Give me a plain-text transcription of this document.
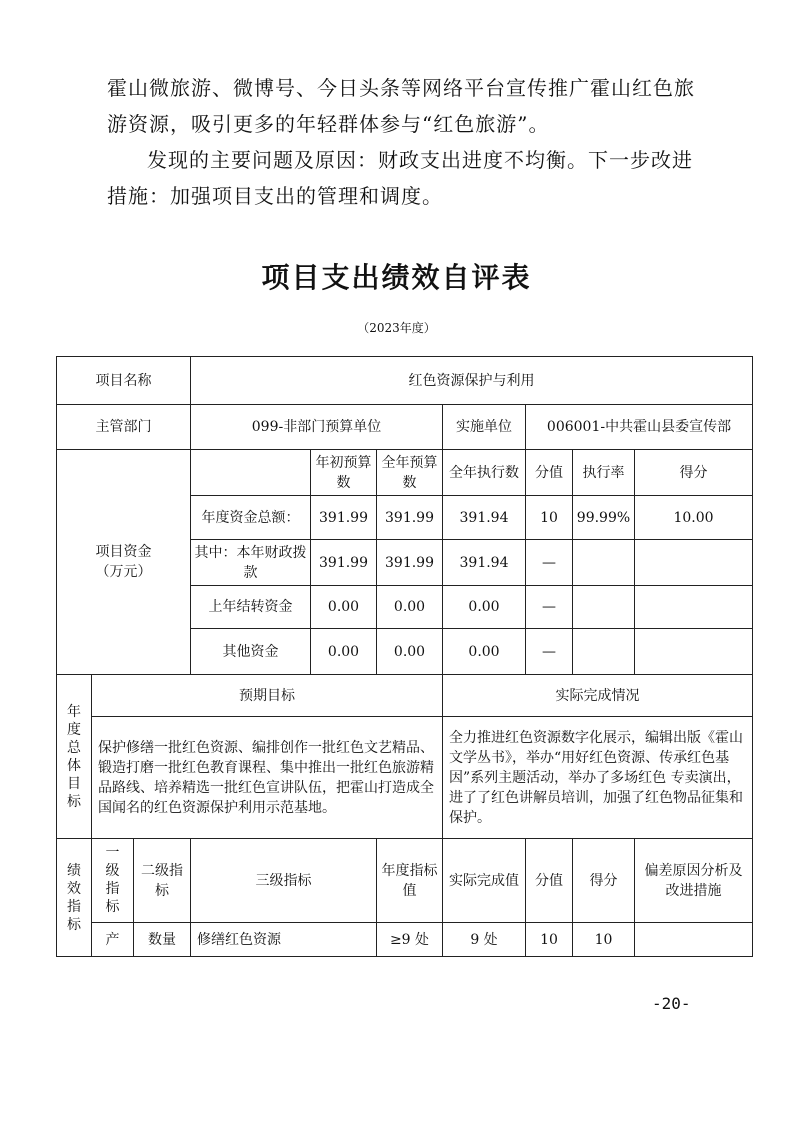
霍山微旅游、微博号、今日头条等网络平台宣传推广霍山红色旅游资源，吸引更多的年轻群体参与“红色旅游”。

发现的主要问题及原因：财政支出进度不均衡。下一步改进措施：加强项目支出的管理和调度。

项目支出绩效自评表
（2023年度）
项目名称			红色资源保护与利用						
主管部门			099-非部门预算单位			实施单位	006001-中共霍山县委宣传部		
项目资金（万元）				年初预算数	全年预算数	全年执行数	分值	执行率	得分
			年度资金总额：	391.99	391.99	391.94	10	99.99%	10.00
			其中：本年财政拨款	391.99	391.99	391.94	—		
			上年结转资金	0.00	0.00	0.00	—		
			其他资金	0.00	0.00	0.00	—		
年度总体目标	预期目标					实际完成情况			
	保护修缮一批红色资源、编排创作一批红色文艺精品、锻造打磨一批红色教育课程、集中推出一批红色旅游精品路线、培养精选一批红色宣讲队伍，把霍山打造成全国闻名的红色资源保护利用示范基地。					全力推进红色资源数字化展示，编辑出版《霍山文学丛书》，举办“用好红色资源、传承红色基因”系列主题活动，举办了多场红色 专卖演出，进了了红色讲解员培训，加强了红色物品征集和保护。			
绩效指标	一级指标	二级指标	三级指标		年度指标值	实际完成值	分值	得分	偏差原因分析及改进措施
	产	数量	修缮红色资源		≥9 处	9 处	10	10	
-20-
